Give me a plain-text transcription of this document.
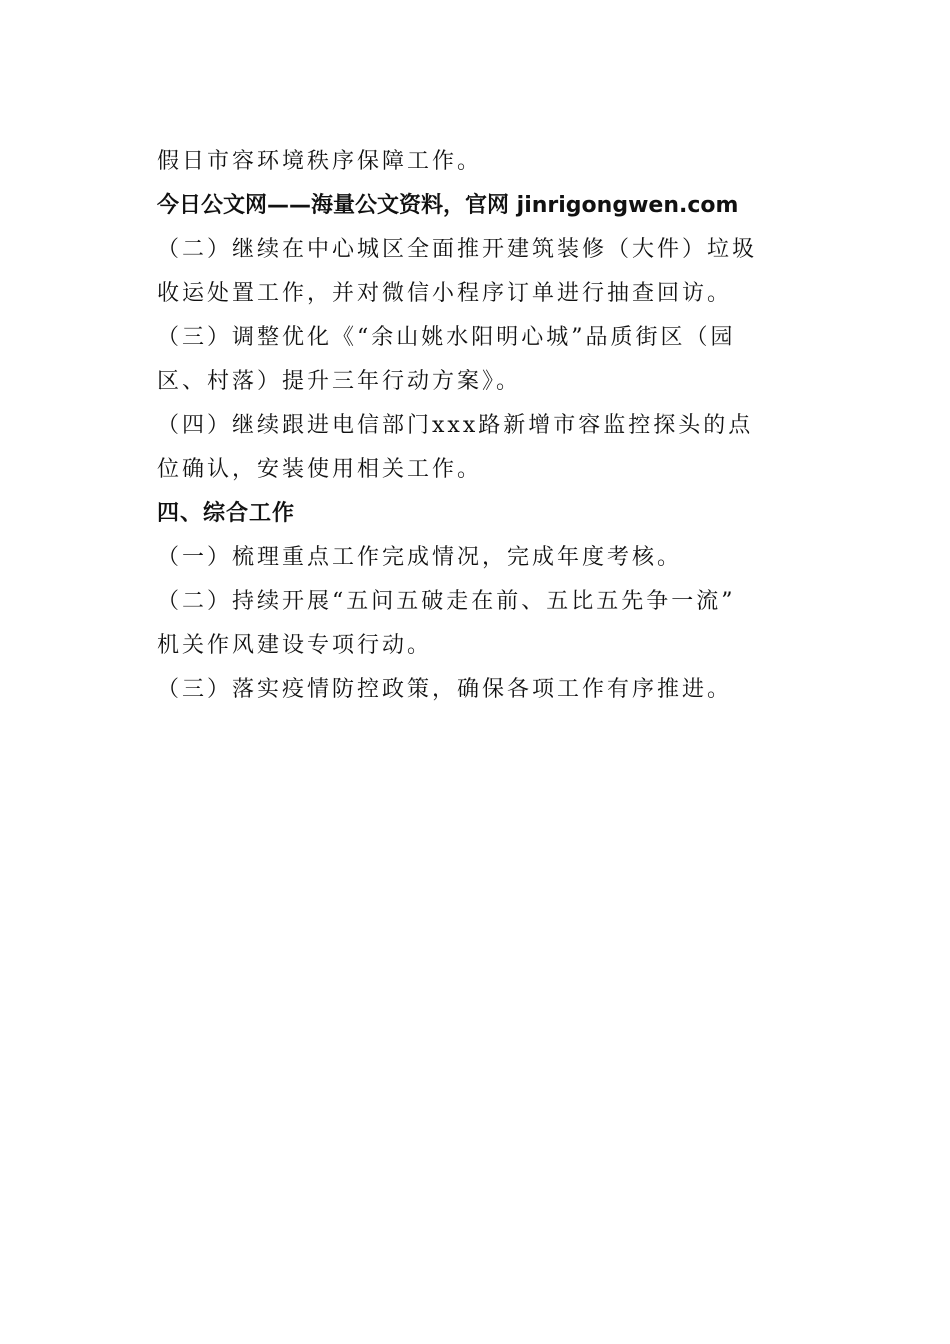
假日市容环境秩序保障工作。
今日公文网——海量公文资料，官网 jinrigongwen.com
（二）继续在中心城区全面推开建筑装修（大件）垃圾
收运处置工作，并对微信小程序订单进行抽查回访。
（三）调整优化《“余山姚水阳明心城”品质街区（园
区、村落）提升三年行动方案》。
（四）继续跟进电信部门xxx路新增市容监控探头的点
位确认，安装使用相关工作。
四、综合工作
（一）梳理重点工作完成情况，完成年度考核。
（二）持续开展“五问五破走在前、五比五先争一流”
机关作风建设专项行动。
（三）落实疫情防控政策，确保各项工作有序推进。
